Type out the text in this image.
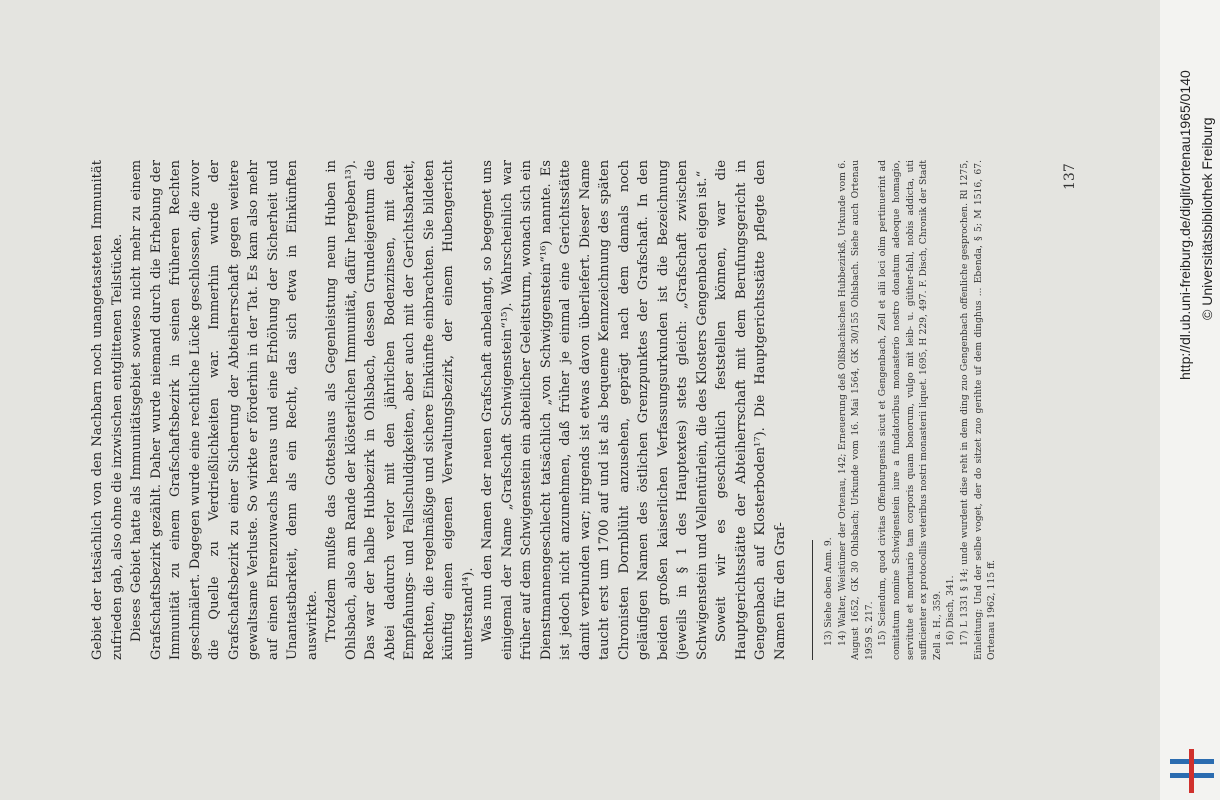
Gebiet der tatsächlich von den Nachbarn noch unangetasteten Immunität zufrieden gab, also ohne die inzwischen entglittenen Teilstücke. Dieses Gebiet hatte als Immunitätsgebiet sowieso nicht mehr zu einem Grafschaftsbezirk gezählt. Daher wurde niemand durch die Erhebung der Immunität zu einem Grafschaftsbezirk in seinen früheren Rechten geschmälert. Dagegen wurde eine rechtliche Lücke geschlossen, die zuvor die Quelle zu Verdrießlichkeiten war. Immerhin wurde der Grafschaftsbezirk zu einer Sicherung der Abteiherrschaft gegen weitere gewaltsame Verluste. So wirkte er förderhin in der Tat. Es kam also mehr auf einen Ehrenzuwachs heraus und eine Erhöhung der Sicherheit und Unantastbarkeit, denn als ein Recht, das sich etwa in Einkünften auswirkte. Trotzdem mußte das Gotteshaus als Gegenleistung neun Huben in Ohlsbach, also am Rande der klösterlichen Immunität, dafür hergeben¹³). Das war der halbe Hubbezirk in Ohlsbach, dessen Grundeigentum die Abtei dadurch verlor mit den jährlichen Bodenzinsen, mit den Empfahungs- und Fallschuldigkeiten, aber auch mit der Gerichtsbarkeit, Rechten, die regelmäßige und sichere Einkünfte einbrachten. Sie bildeten künftig einen eigenen Verwaltungsbezirk, der einem Hubengericht unterstand¹⁴). Was nun den Namen der neuen Grafschaft anbelangt, so begegnet uns einigemal der Name „Grafschaft Schwigenstein“¹⁵). Wahrscheinlich war früher auf dem Schwigenstein ein abteilicher Geleitsturm, wonach sich ein Dienstmannengeschlecht tatsächlich „von Schwiggenstein“¹⁶) nannte. Es ist jedoch nicht anzunehmen, daß früher je einmal eine Gerichtsstätte damit verbunden war; nirgends ist etwas davon überliefert. Dieser Name taucht erst um 1700 auf und ist als bequeme Kennzeichnung des späten Chronisten Dornblüht anzusehen, geprägt nach dem damals noch geläufigen Namen des östlichen Grenzpunktes der Grafschaft. In den beiden großen kaiserlichen Verfassungsurkunden ist die Bezeichnung (jeweils in § 1 des Hauptextes) stets gleich: „Grafschaft zwischen Schwigenstein und Vellentürlein, die des Klosters Gengenbach eigen ist.“ Soweit wir es geschichtlich feststellen können, war die Hauptgerichtsstätte der Abteiherrschaft mit dem Berufungsgericht in Gengenbach auf Klosterboden¹⁷). Die Hauptgerichtsstätte pflegte den Namen für den Graf-	13) Siehe oben Anm. 9. 14) Walter, Weistümer der Ortenau, 142; Erneuerung deß Olßbachischen Hubbezirkß, Urkunde vom 6. August 1652, GK 30 Ohlsbach; Urkunde vom 16. Mai 1564, GK 30/155 Ohlsbach. Siehe auch Ortenau 1959 S. 217. 15) Sciendum, quod civitas Offenburgensis sicut et Gengenbach, Zell et alii loci olim pertinuerint ad comitatum nomine Schwigenstein iure a fundatoribus monasterio nostro donatum adeoque homagio, servitute et mortuario tam corporis quam bonorum, vulgo mit leib- u. güther-fahl, nobis addicta, uti sufficienter ex protocollis veteribus nostri monasterii liquet. 1695, H 229, 497. F. Disch, Chronik der Stadt Zell a. H., 359. 16) Disch, 341. 17) L 1331 § 14; unde wurdent dise reht in dem ding zuo Gengenbach offenliche gesprochen. Rl 1275, Einleitung; Und der selbe voget, der do sitzet zuo gerihte uf dem dinghus ... Ebenda, § 5; M 1516, 67. Ortenau 1962, 115 ff.

137	http://dl.ub.uni-freiburg.de/diglit/ortenau1965/0140 © Universitätsbibliothek Freiburg
